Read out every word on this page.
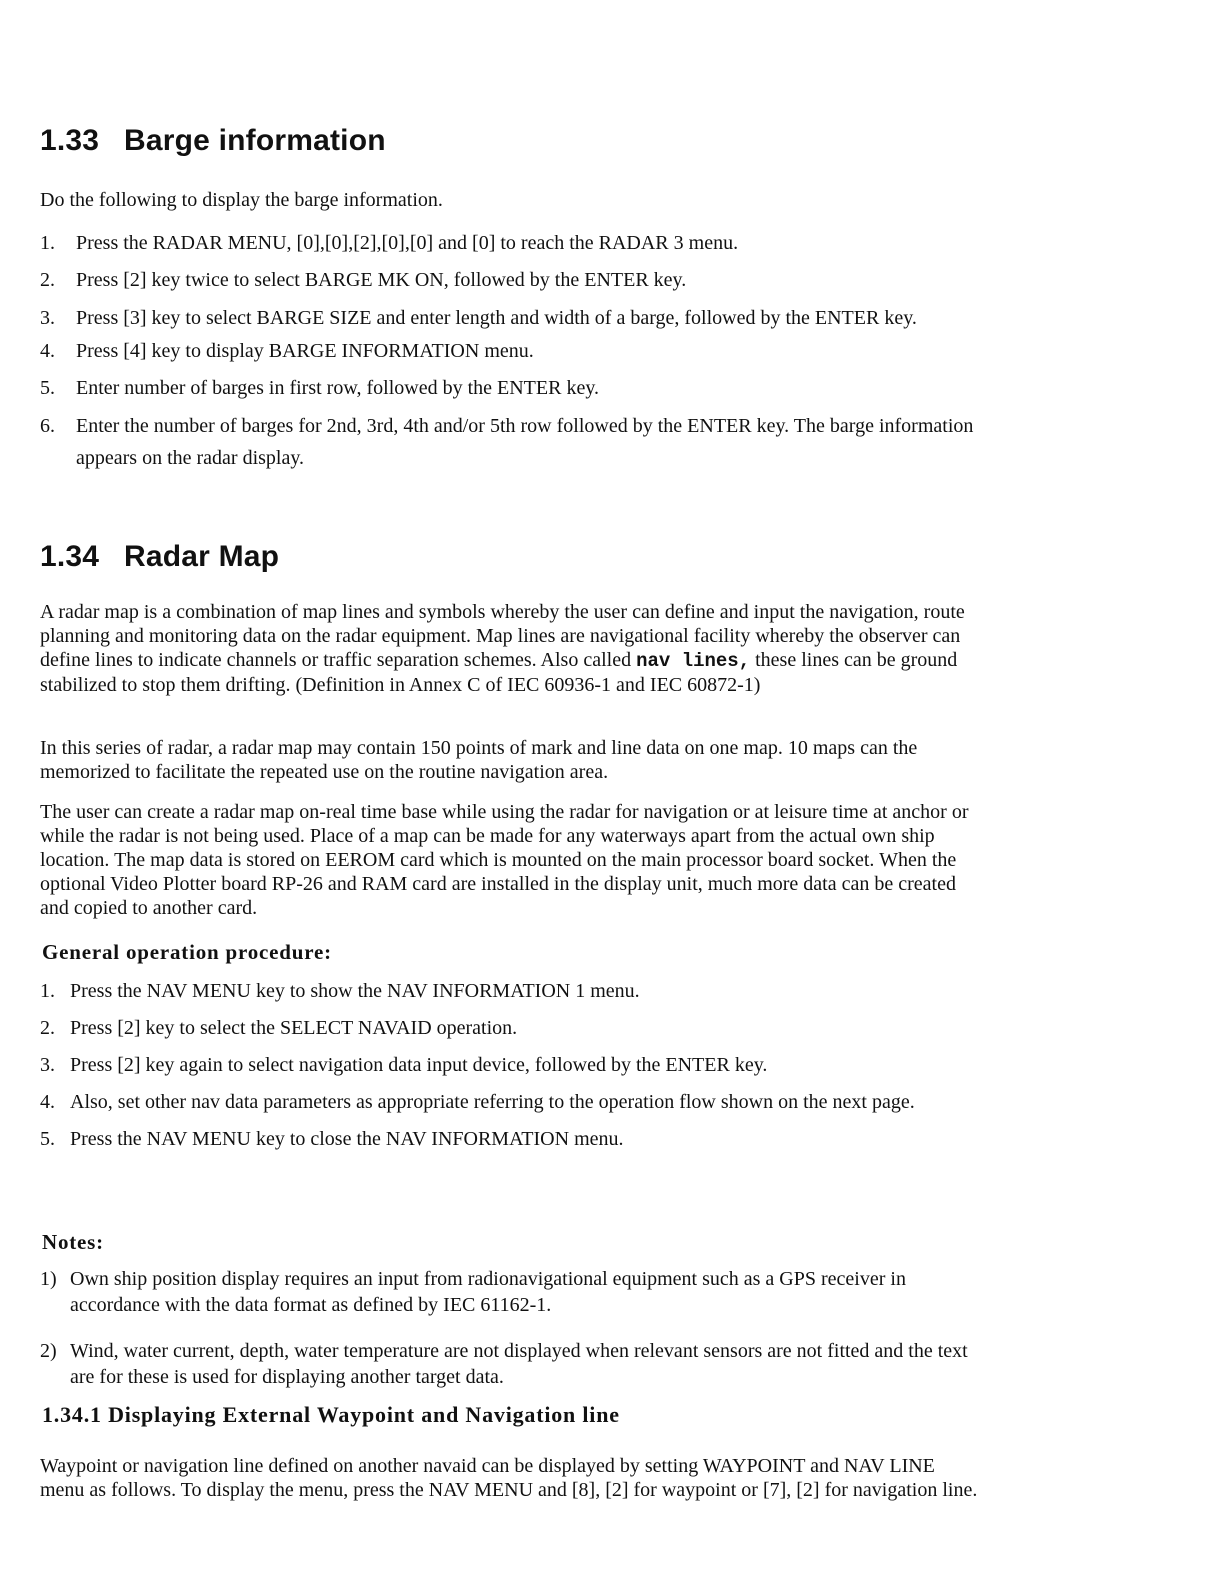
1.33 Barge information

Do the following to display the barge information.

1. Press the RADAR MENU, [0],[0],[2],[0],[0] and [0] to reach the RADAR 3 menu.
2. Press [2] key twice to select BARGE MK ON, followed by the ENTER key.
3. Press [3] key to select BARGE SIZE and enter length and width of a barge, followed by the ENTER key.
4. Press [4] key to display BARGE INFORMATION menu.
5. Enter number of barges in first row, followed by the ENTER key.
6. Enter the number of barges for 2nd, 3rd, 4th and/or 5th row followed by the ENTER key. The barge information appears on the radar display.
1.34 Radar Map

A radar map is a combination of map lines and symbols whereby the user can define and input the navigation, route planning and monitoring data on the radar equipment. Map lines are navigational facility whereby the observer can define lines to indicate channels or traffic separation schemes. Also called nav lines, these lines can be ground stabilized to stop them drifting. (Definition in Annex C of IEC 60936-1 and IEC 60872-1)

In this series of radar, a radar map may contain 150 points of mark and line data on one map. 10 maps can the memorized to facilitate the repeated use on the routine navigation area.

The user can create a radar map on-real time base while using the radar for navigation or at leisure time at anchor or while the radar is not being used. Place of a map can be made for any waterways apart from the actual own ship location. The map data is stored on EEROM card which is mounted on the main processor board socket. When the optional Video Plotter board RP-26 and RAM card are installed in the display unit, much more data can be created and copied to another card.

General operation procedure:
1. Press the NAV MENU key to show the NAV INFORMATION 1 menu.
2. Press [2] key to select the SELECT NAVAID operation.
3. Press [2] key again to select navigation data input device, followed by the ENTER key.
4. Also, set other nav data parameters as appropriate referring to the operation flow shown on the next page.
5. Press the NAV MENU key to close the NAV INFORMATION menu.
Notes:
1) Own ship position display requires an input from radionavigational equipment such as a GPS receiver in accordance with the data format as defined by IEC 61162-1.
2) Wind, water current, depth, water temperature are not displayed when relevant sensors are not fitted and the text are for these is used for displaying another target data.
1.34.1 Displaying External Waypoint and Navigation line

Waypoint or navigation line defined on another navaid can be displayed by setting WAYPOINT and NAV LINE menu as follows. To display the menu, press the NAV MENU and [8], [2] for waypoint or [7], [2] for navigation line.
